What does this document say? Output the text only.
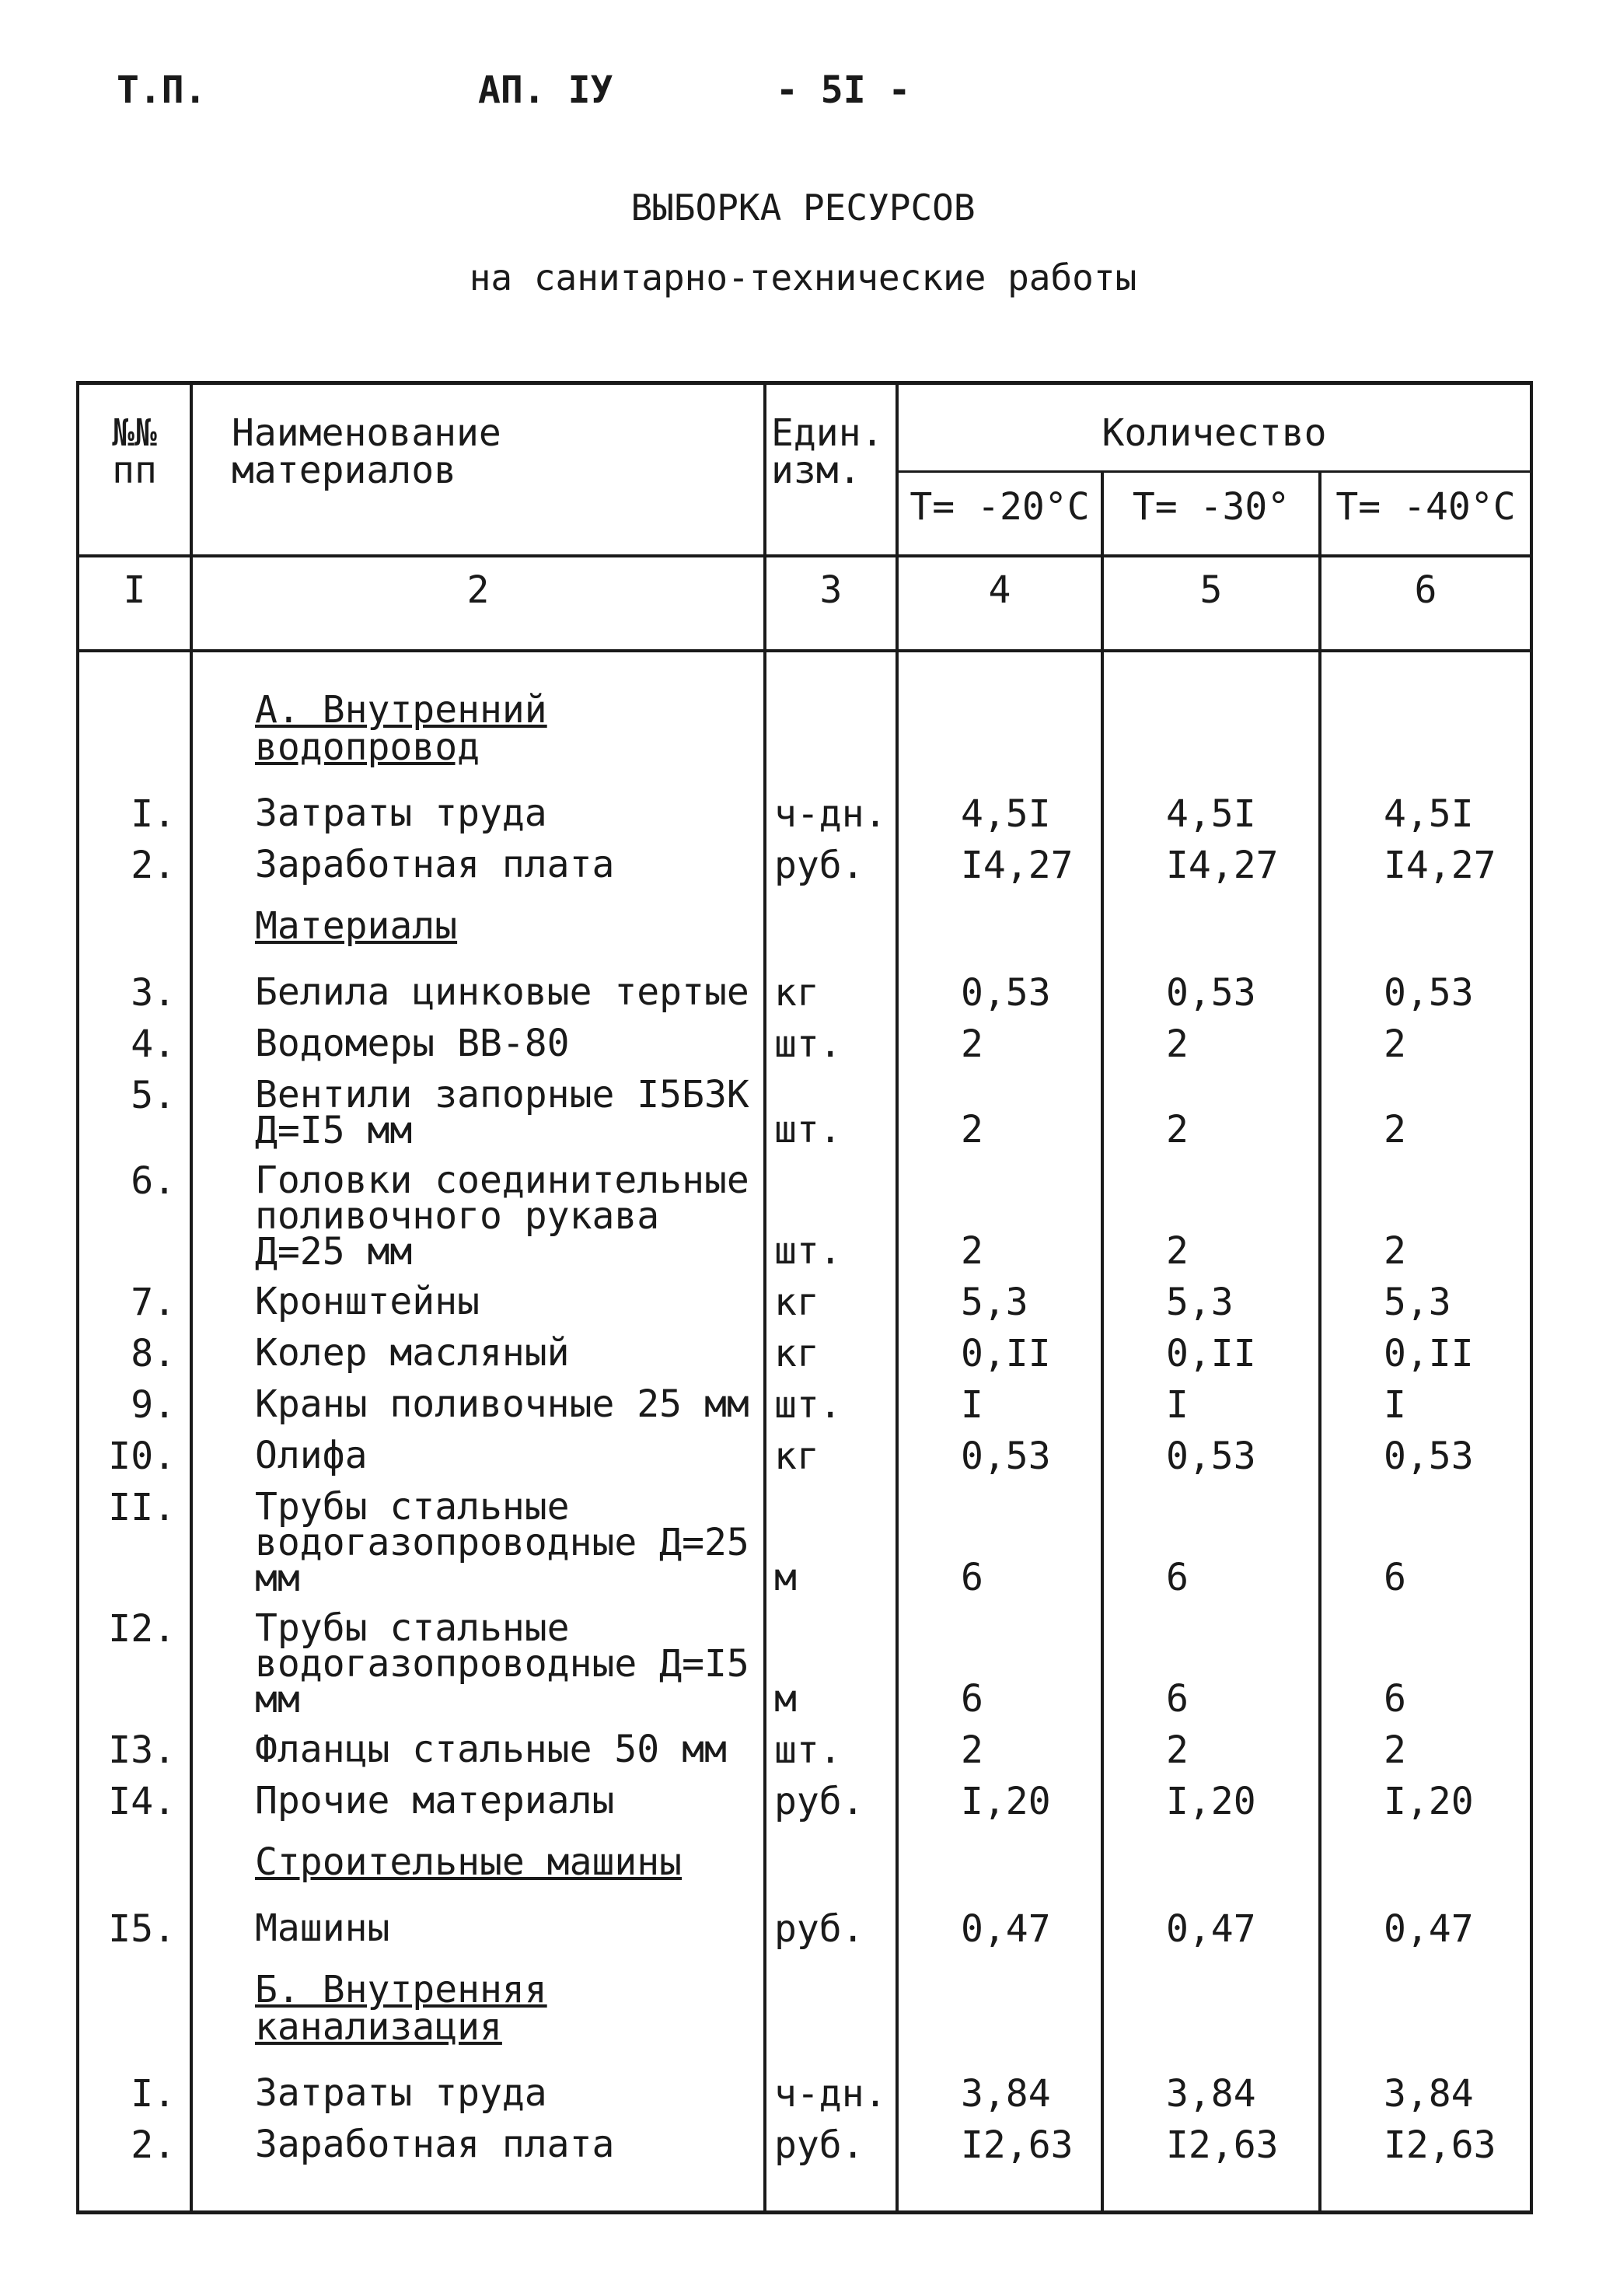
Т.П.	АП. IУ	- 5I -
ВЫБОРКА РЕСУРСОВ
на санитарно-технические работы
№№ пп	Наименование материалов	Един. изм.	Количество		
			Т= -20°С	Т= -30°	Т= -40°С
I	2	3	4	5	6
	А. Внутренний водопровод				
I.	Затраты труда	ч-дн.	4,5I	4,5I	4,5I
2.	Заработная плата	руб.	I4,27	I4,27	I4,27
	Материалы				
3.	Белила цинковые тертые	кг	0,53	0,53	0,53
4.	Водомеры ВВ-80	шт.	2	2	2
5.	Вентили запорные I5Б3К Д=I5 мм	шт.	2	2	2
6.	Головки соединительные поливочного рукава Д=25 мм	шт.	2	2	2
7.	Кронштейны	кг	5,3	5,3	5,3
8.	Колер масляный	кг	0,II	0,II	0,II
9.	Краны поливочные 25 мм	шт.	I	I	I
I0.	Олифа	кг	0,53	0,53	0,53
II.	Трубы стальные водогазопроводные Д=25 мм	м	6	6	6
I2.	Трубы стальные водогазопроводные Д=I5 мм	м	6	6	6
I3.	Фланцы стальные 50 мм	шт.	2	2	2
I4.	Прочие материалы	руб.	I,20	I,20	I,20
	Строительные машины				
I5.	Машины	руб.	0,47	0,47	0,47
	Б. Внутренняя канализация				
I.	Затраты труда	ч-дн.	3,84	3,84	3,84
2.	Заработная плата	руб.	I2,63	I2,63	I2,63
